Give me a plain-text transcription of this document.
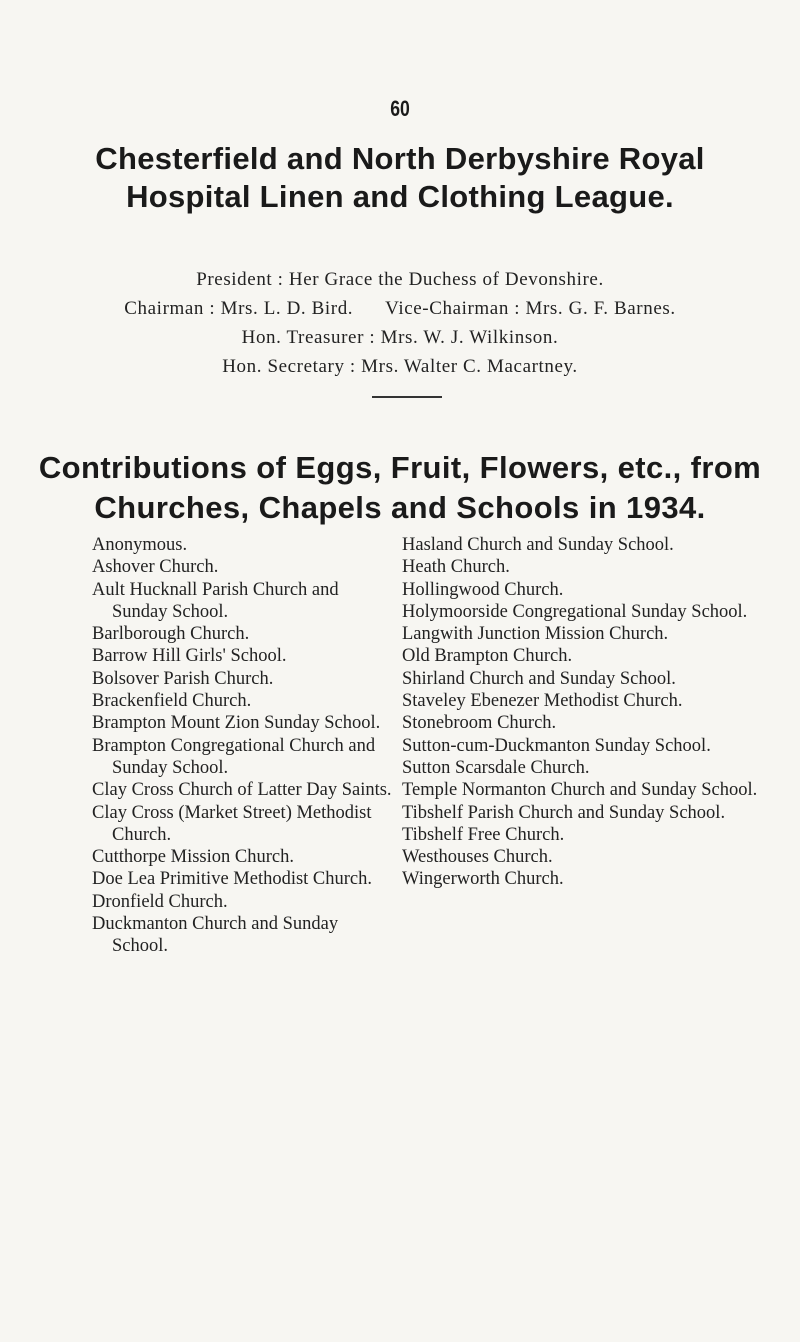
60
Chesterfield and North Derbyshire Royal
Hospital Linen and Clothing League.
President : Her Grace the Duchess of Devonshire.
Chairman : Mrs. L. D. Bird. Vice-Chairman : Mrs. G. F. Barnes.
Hon. Treasurer : Mrs. W. J. Wilkinson.
Hon. Secretary : Mrs. Walter C. Macartney.
Contributions of Eggs, Fruit, Flowers, etc., from
Churches, Chapels and Schools in 1934.
Anonymous.
Ashover Church.
Ault Hucknall Parish Church and Sunday School.
Barlborough Church.
Barrow Hill Girls' School.
Bolsover Parish Church.
Brackenfield Church.
Brampton Mount Zion Sunday School.
Brampton Congregational Church and Sunday School.
Clay Cross Church of Latter Day Saints.
Clay Cross (Market Street) Methodist Church.
Cutthorpe Mission Church.
Doe Lea Primitive Methodist Church.
Dronfield Church.
Duckmanton Church and Sunday School.
Hasland Church and Sunday School.
Heath Church.
Hollingwood Church.
Holymoorside Congregational Sunday School.
Langwith Junction Mission Church.
Old Brampton Church.
Shirland Church and Sunday School.
Staveley Ebenezer Methodist Church.
Stonebroom Church.
Sutton-cum-Duckmanton Sunday School.
Sutton Scarsdale Church.
Temple Normanton Church and Sunday School.
Tibshelf Parish Church and Sunday School.
Tibshelf Free Church.
Westhouses Church.
Wingerworth Church.
